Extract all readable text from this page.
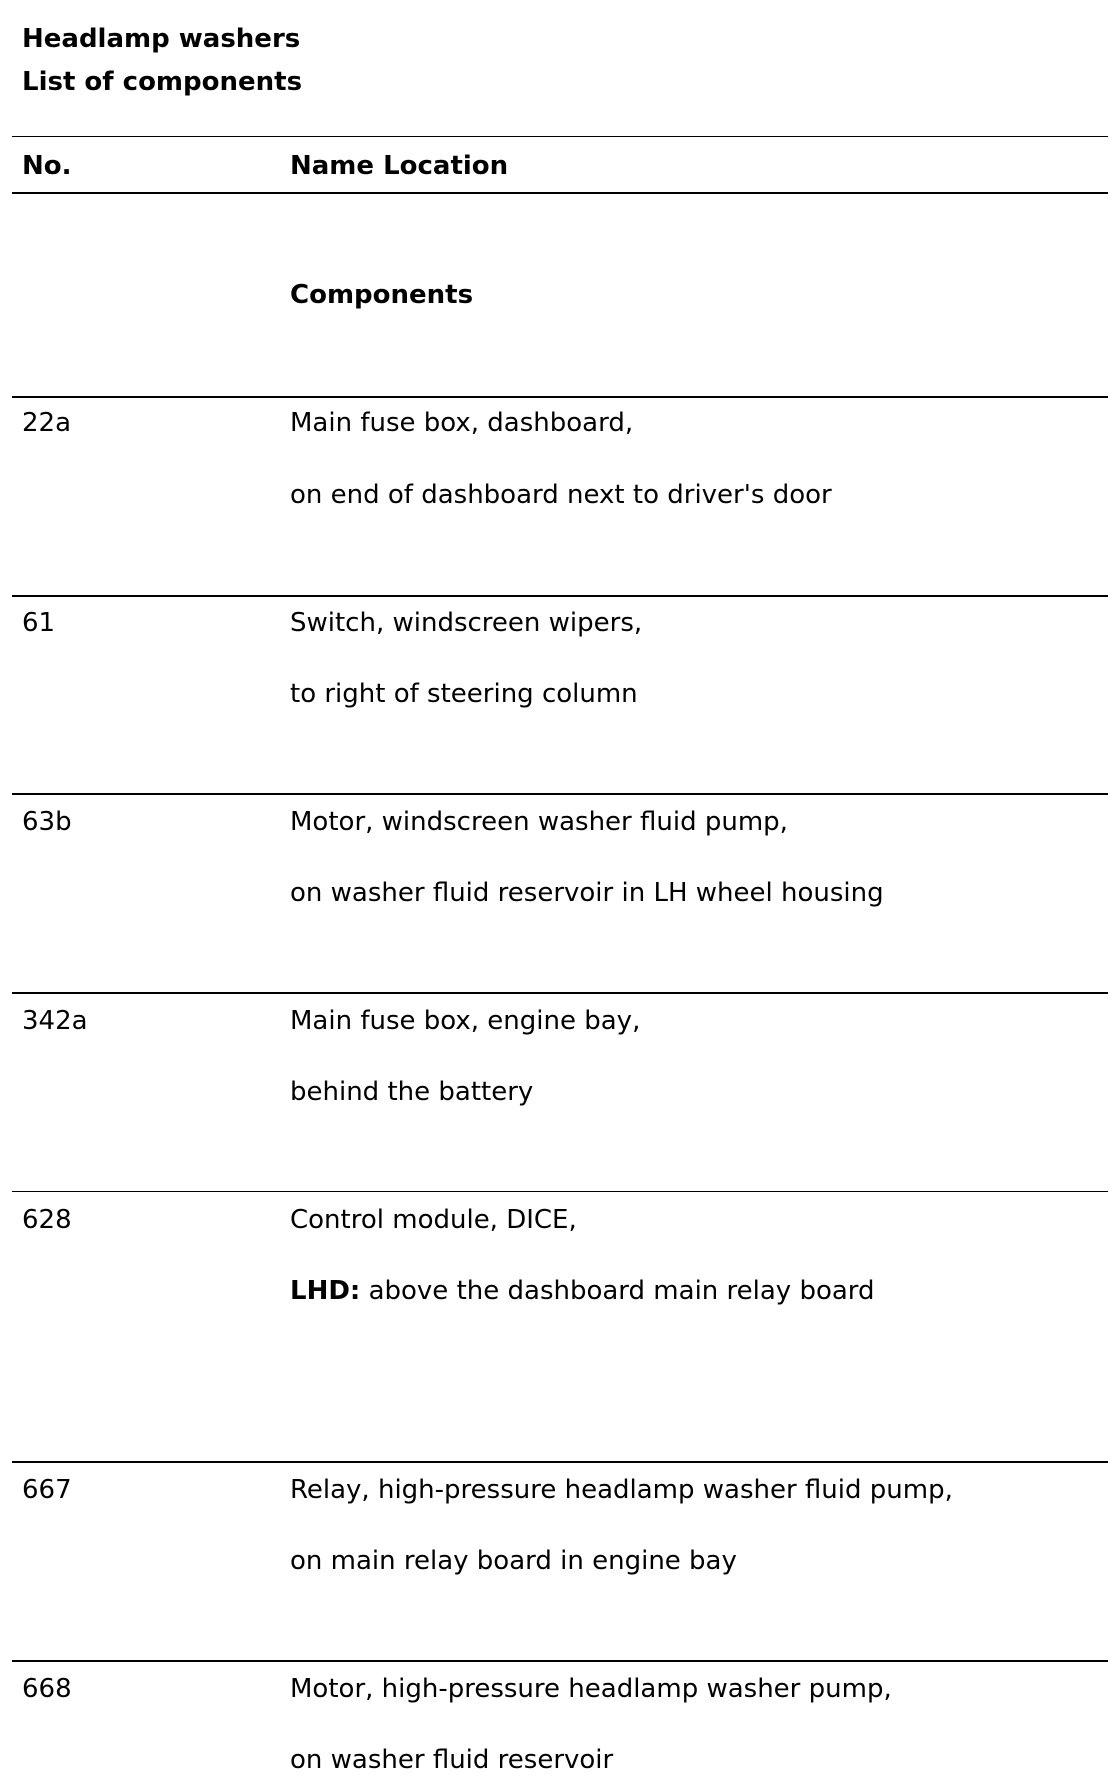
Headlamp washers
List of components
No.	Name Location
Components
22a	Main fuse box, dashboard,
on end of dashboard next to driver's door
61	Switch, windscreen wipers,
to right of steering column
63b	Motor, windscreen washer fluid pump,
on washer fluid reservoir in LH wheel housing
342a	Main fuse box, engine bay,
behind the battery
628	Control module, DICE,
LHD: above the dashboard main relay board
667	Relay, high-pressure headlamp washer fluid pump,
on main relay board in engine bay
668	Motor, high-pressure headlamp washer pump,
on washer fluid reservoir
